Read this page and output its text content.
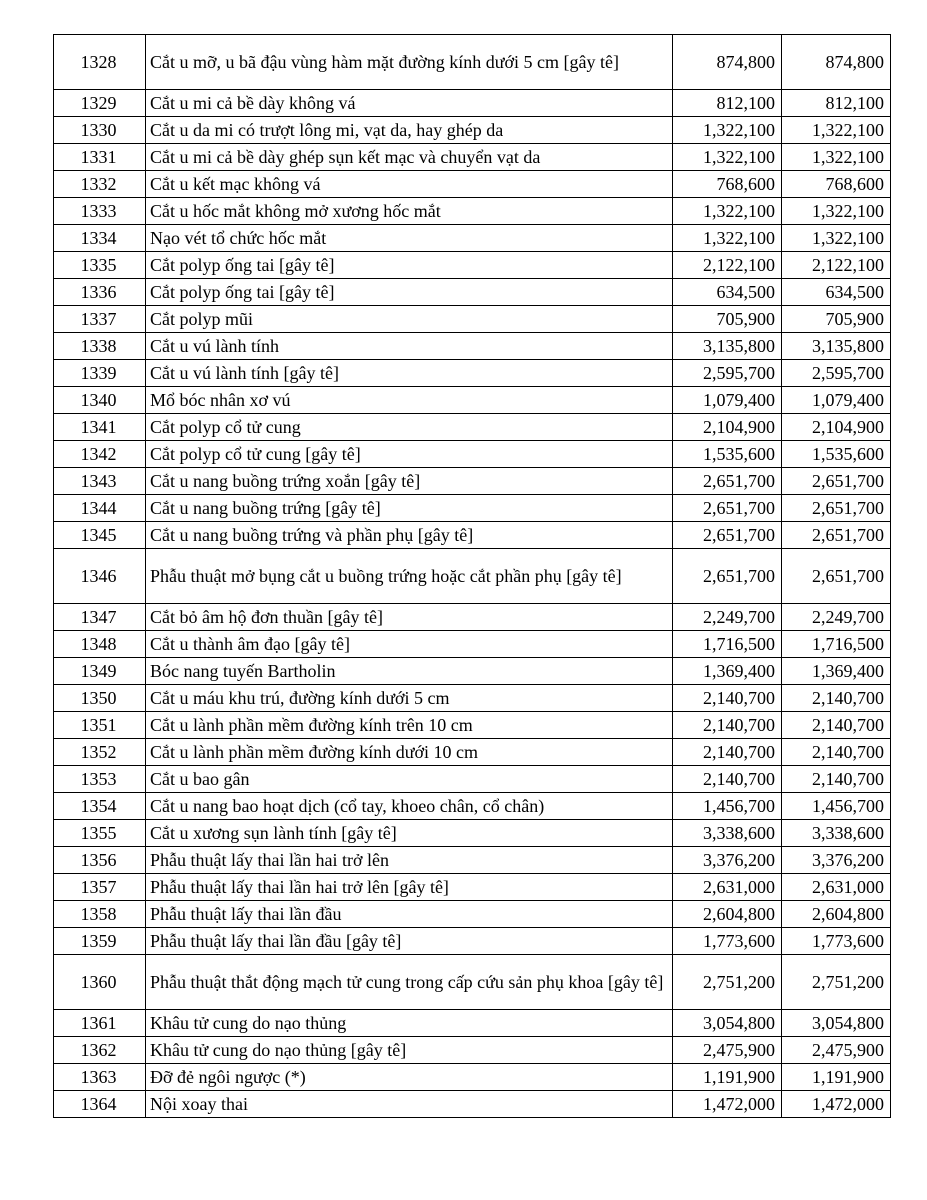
1328	Cắt u mỡ, u bã đậu vùng hàm mặt đường kính dưới 5 cm [gây tê]	874,800	874,800
1329	Cắt u mi cả bề dày không vá	812,100	812,100
1330	Cắt u da mi có trượt lông mi, vạt da, hay ghép da	1,322,100	1,322,100
1331	Cắt u mi cả bề dày ghép sụn kết mạc và chuyển vạt da	1,322,100	1,322,100
1332	Cắt u kết mạc không vá	768,600	768,600
1333	Cắt u hốc mắt không mở xương hốc mắt	1,322,100	1,322,100
1334	Nạo vét tổ chức hốc mắt	1,322,100	1,322,100
1335	Cắt polyp ống tai [gây tê]	2,122,100	2,122,100
1336	Cắt polyp ống tai [gây tê]	634,500	634,500
1337	Cắt polyp mũi	705,900	705,900
1338	Cắt u vú lành tính	3,135,800	3,135,800
1339	Cắt u vú lành tính [gây tê]	2,595,700	2,595,700
1340	Mổ bóc nhân xơ vú	1,079,400	1,079,400
1341	Cắt polyp cổ tử cung	2,104,900	2,104,900
1342	Cắt polyp cổ tử cung [gây tê]	1,535,600	1,535,600
1343	Cắt u nang buồng trứng xoắn [gây tê]	2,651,700	2,651,700
1344	Cắt u nang buồng trứng [gây tê]	2,651,700	2,651,700
1345	Cắt u nang buồng trứng và phần phụ [gây tê]	2,651,700	2,651,700
1346	Phẫu thuật mở bụng cắt u buồng trứng hoặc cắt phần phụ [gây tê]	2,651,700	2,651,700
1347	Cắt bỏ âm hộ đơn thuần [gây tê]	2,249,700	2,249,700
1348	Cắt u thành âm đạo [gây tê]	1,716,500	1,716,500
1349	Bóc nang tuyến Bartholin	1,369,400	1,369,400
1350	Cắt u máu khu trú, đường kính dưới 5 cm	2,140,700	2,140,700
1351	Cắt u lành phần mềm đường kính trên 10 cm	2,140,700	2,140,700
1352	Cắt u lành phần mềm đường kính dưới 10 cm	2,140,700	2,140,700
1353	Cắt u bao gân	2,140,700	2,140,700
1354	Cắt u nang bao hoạt dịch (cổ tay, khoeo chân, cổ chân)	1,456,700	1,456,700
1355	Cắt u xương sụn lành tính [gây tê]	3,338,600	3,338,600
1356	Phẫu thuật lấy thai lần hai trở lên	3,376,200	3,376,200
1357	Phẫu thuật lấy thai lần hai trở lên [gây tê]	2,631,000	2,631,000
1358	Phẫu thuật lấy thai lần đầu	2,604,800	2,604,800
1359	Phẫu thuật lấy thai lần đầu [gây tê]	1,773,600	1,773,600
1360	Phẫu thuật thắt động mạch tử cung trong cấp cứu sản phụ khoa [gây tê]	2,751,200	2,751,200
1361	Khâu tử cung do nạo thủng	3,054,800	3,054,800
1362	Khâu tử cung do nạo thủng [gây tê]	2,475,900	2,475,900
1363	Đỡ đẻ ngôi ngược (*)	1,191,900	1,191,900
1364	Nội xoay thai	1,472,000	1,472,000
